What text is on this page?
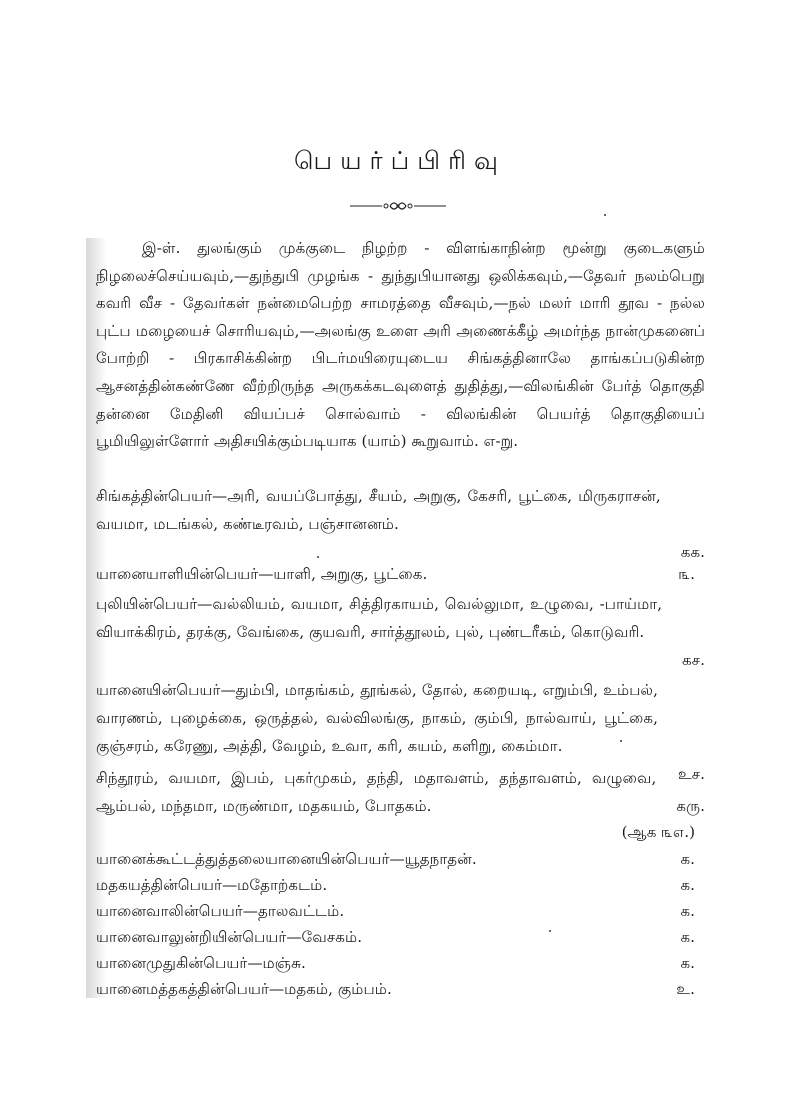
பெயர்ப்பிரிவு

இ-ள். துலங்கும் முக்குடை நிழற்ற - விளங்காநின்ற மூன்று குடைகளும் நிழலைச்செய்யவும்,—துந்துபி முழங்க - துந்துபியானது ஒலிக்கவும்,—தேவர் நலம்பெறு கவரி வீச - தேவர்கள் நன்மைபெற்ற சாமரத்தை வீசவும்,—நல் மலர் மாரி தூவ - நல்ல புட்ப மழையைச் சொரியவும்,—அலங்கு உளை அரி அணைக்கீழ் அமர்ந்த நான்முகனைப் போற்றி - பிரகாசிக்கின்ற பிடர்மயிரையுடைய சிங்கத்தினாலே தாங்கப்படுகின்ற ஆசனத்தின்கண்ணே வீற்றிருந்த அருகக்கடவுளைத் துதித்து,—விலங்கின் பேர்த் தொகுதி தன்னை மேதினி வியப்பச் சொல்வாம் - விலங்கின் பெயர்த் தொகுதியைப் பூமியிலுள்ளோர் அதிசயிக்கும்படியாக (யாம்) கூறுவாம். எ-று.

கக.
சிங்கத்தின்பெயர்—அரி, வயப்போத்து, சீயம், அறுகு, கேசரி, பூட்கை, மிருகராசன், வயமா, மடங்கல், கண்டீரவம், பஞ்சானனம்.
௩.
யானையாளியின்பெயர்—யாளி, அறுகு, பூட்கை.
கச.
புலியின்பெயர்—வல்லியம், வயமா, சித்திரகாயம், வெல்லுமா, உழுவை, -பாய்மா, வியாக்கிரம், தரக்கு, வேங்கை, குயவரி, சார்த்தூலம், புல், புண்டரீகம், கொடுவரி.
உச.
யானையின்பெயர்—தும்பி, மாதங்கம், தூங்கல், தோல், கறையடி, எறும்பி, உம்பல், வாரணம், புழைக்கை, ஒருத்தல், வல்விலங்கு, நாகம், கும்பி, நால்வாய், பூட்கை, குஞ்சரம், கரேணு, அத்தி, வேழம், உவா, கரி, கயம், களிறு, கைம்மா.
கரு.
சிந்தூரம், வயமா, இபம், புகர்முகம், தந்தி, மதாவளம், தந்தாவளம், வழுவை, ஆம்பல், மந்தமா, மருண்மா, மதகயம், போதகம்.
(ஆக ௩௭.)
க.
யானைக்கூட்டத்துத்தலையானையின்பெயர்—யூதநாதன்.
க.
மதகயத்தின்பெயர்—மதோற்கடம்.
க.
யானைவாலின்பெயர்—தாலவட்டம்.
க.
யானைவாலுன்றியின்பெயர்—வேசகம்.
க.
யானைமுதுகின்பெயர்—மஞ்சு.
உ.
யானைமத்தகத்தின்பெயர்—மதகம், கும்பம்.
